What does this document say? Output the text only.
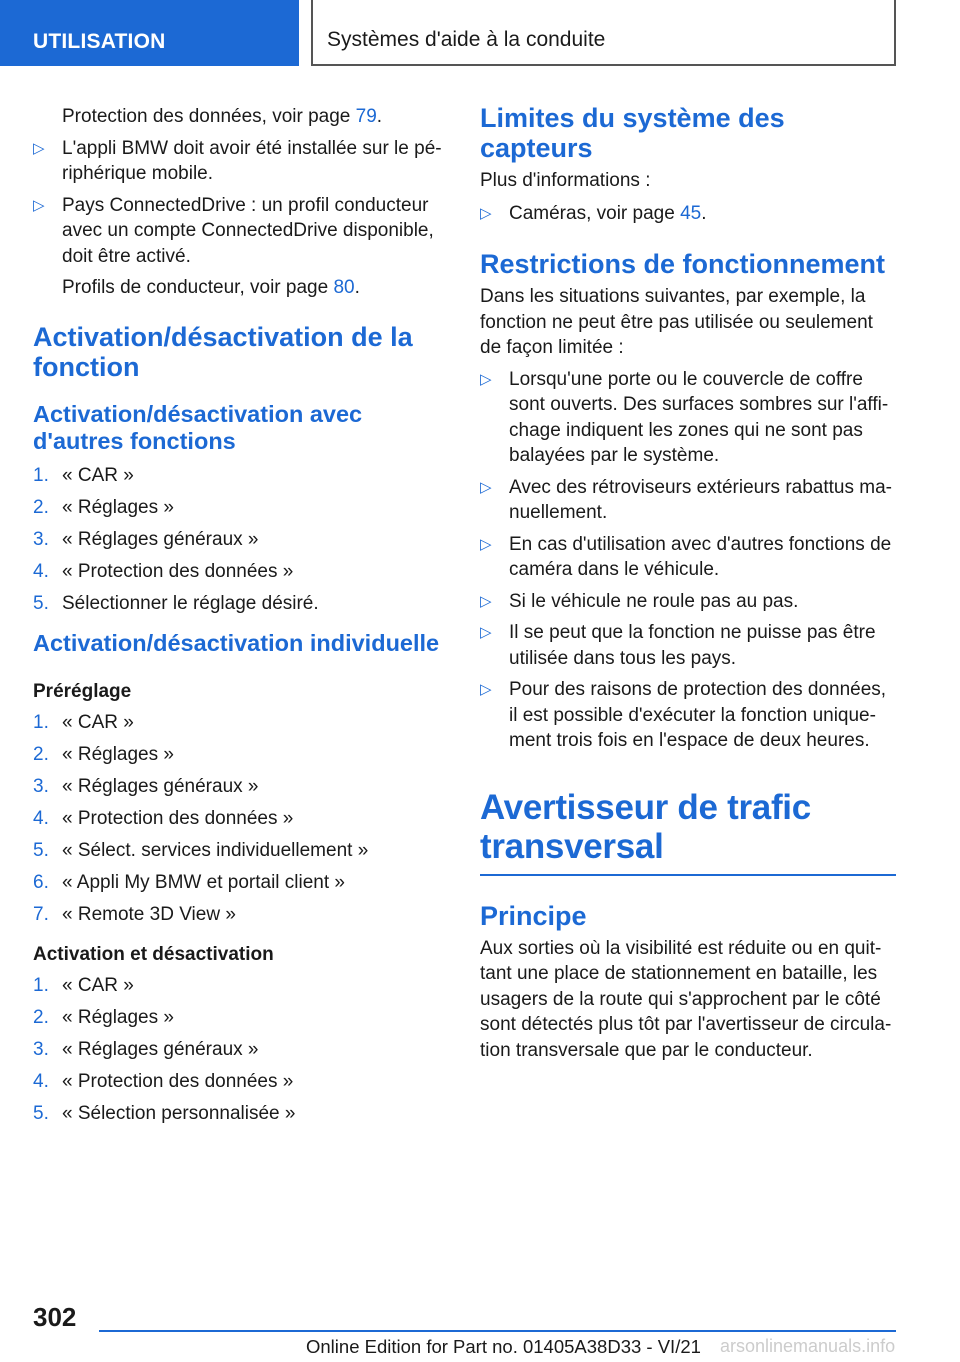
UTILISATION	Systèmes d'aide à la conduite
Protection des données, voir page 79.
▷ L'appli BMW doit avoir été installée sur le pé-
riphérique mobile.
▷ Pays ConnectedDrive : un profil conducteur
avec un compte ConnectedDrive disponible,
doit être activé.
Profils de conducteur, voir page 80.
Activation/désactivation de la
fonction
Activation/désactivation avec
d'autres fonctions
1. « CAR »
2. « Réglages »
3. « Réglages généraux »
4. « Protection des données »
5. Sélectionner le réglage désiré.
Activation/désactivation individuelle
Préréglage
1. « CAR »
2. « Réglages »
3. « Réglages généraux »
4. « Protection des données »
5. « Sélect. services individuellement »
6. « Appli My BMW et portail client »
7. « Remote 3D View »
Activation et désactivation
1. « CAR »
2. « Réglages »
3. « Réglages généraux »
4. « Protection des données »
5. « Sélection personnalisée »
Limites du système des capteurs
Plus d'informations :
▷ Caméras, voir page 45.
Restrictions de fonctionnement
Dans les situations suivantes, par exemple, la
fonction ne peut être pas utilisée ou seulement
de façon limitée :
▷ Lorsqu'une porte ou le couvercle de coffre
sont ouverts. Des surfaces sombres sur l'affi-
chage indiquent les zones qui ne sont pas
balayées par le système.
▷ Avec des rétroviseurs extérieurs rabattus ma-
nuellement.
▷ En cas d'utilisation avec d'autres fonctions de
caméra dans le véhicule.
▷ Si le véhicule ne roule pas au pas.
▷ Il se peut que la fonction ne puisse pas être
utilisée dans tous les pays.
▷ Pour des raisons de protection des données,
il est possible d'exécuter la fonction unique-
ment trois fois en l'espace de deux heures.
Avertisseur de trafic
transversal
Principe
Aux sorties où la visibilité est réduite ou en quit-
tant une place de stationnement en bataille, les
usagers de la route qui s'approchent par le côté
sont détectés plus tôt par l'avertisseur de circula-
tion transversale que par le conducteur.
302
Online Edition for Part no. 01405A38D33 - VI/21 arsonlinemanuals.info
